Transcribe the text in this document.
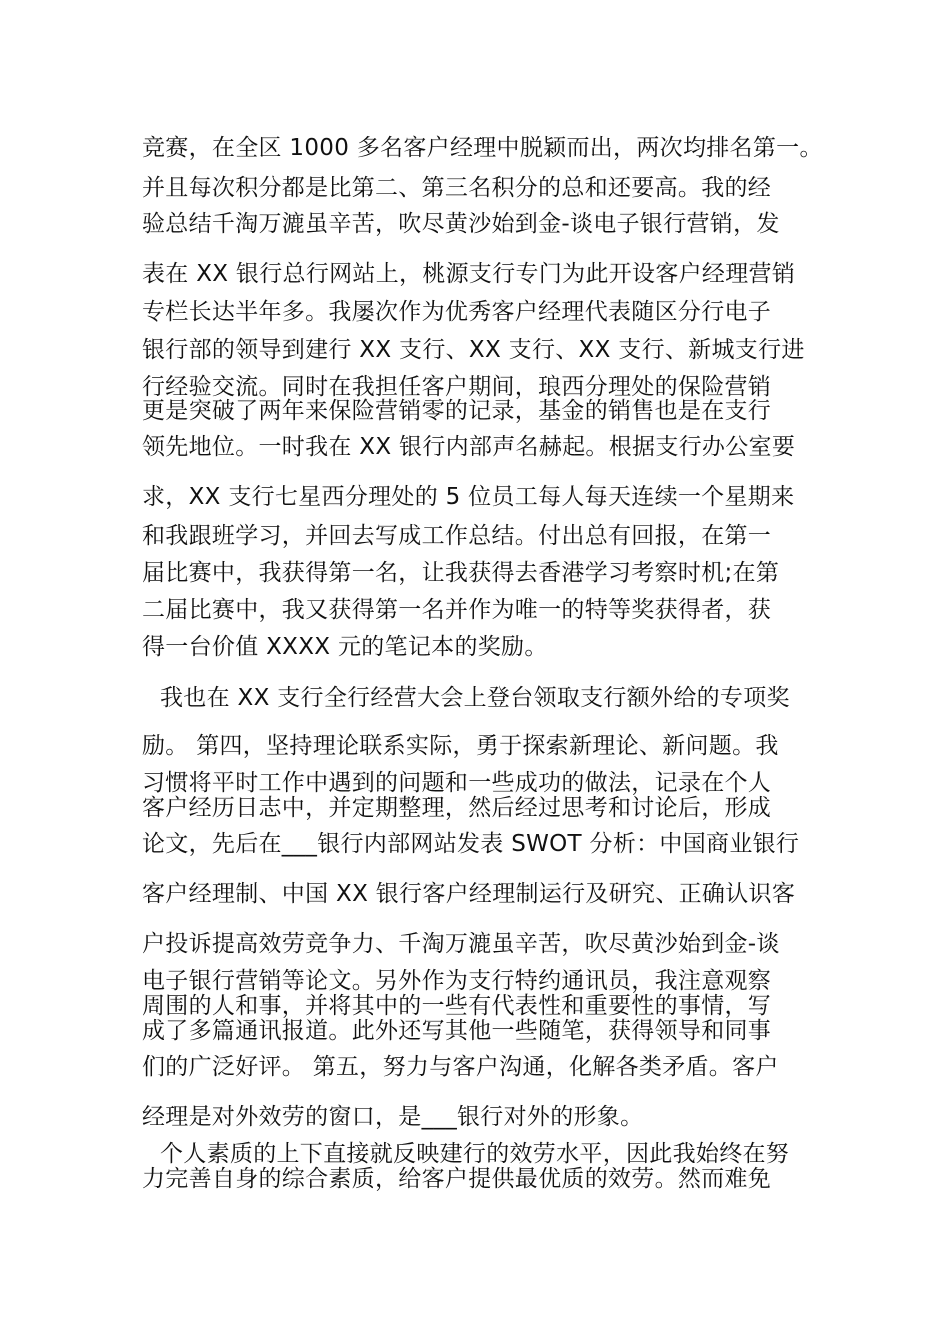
竞赛，在全区 1000 多名客户经理中脱颖而出，两次均排名第一。
并且每次积分都是比第二、第三名积分的总和还要高。我的经
验总结千淘万漉虽辛苦，吹尽黄沙始到金-谈电子银行营销，发
表在 XX 银行总行网站上，桃源支行专门为此开设客户经理营销
专栏长达半年多。我屡次作为优秀客户经理代表随区分行电子
银行部的领导到建行 XX 支行、XX 支行、XX 支行、新城支行进
行经验交流。同时在我担任客户期间，琅西分理处的保险营销
更是突破了两年来保险营销零的记录，基金的销售也是在支行
领先地位。一时我在 XX 银行内部声名赫起。根据支行办公室要
求，XX 支行七星西分理处的 5 位员工每人每天连续一个星期来
和我跟班学习，并回去写成工作总结。付出总有回报，在第一
届比赛中，我获得第一名，让我获得去香港学习考察时机;在第
二届比赛中，我又获得第一名并作为唯一的特等奖获得者，获
得一台价值 XXXX 元的笔记本的奖励。
我也在 XX 支行全行经营大会上登台领取支行额外给的专项奖
励。 第四，坚持理论联系实际，勇于探索新理论、新问题。我
习惯将平时工作中遇到的问题和一些成功的做法，记录在个人
客户经历日志中，并定期整理，然后经过思考和讨论后，形成
论文，先后在___银行内部网站发表 SWOT 分析：中国商业银行
客户经理制、中国 XX 银行客户经理制运行及研究、正确认识客
户投诉提高效劳竞争力、千淘万漉虽辛苦，吹尽黄沙始到金-谈
电子银行营销等论文。另外作为支行特约通讯员，我注意观察
周围的人和事，并将其中的一些有代表性和重要性的事情，写
成了多篇通讯报道。此外还写其他一些随笔，获得领导和同事
们的广泛好评。 第五，努力与客户沟通，化解各类矛盾。客户
经理是对外效劳的窗口，是___银行对外的形象。
个人素质的上下直接就反映建行的效劳水平，因此我始终在努
力完善自身的综合素质，给客户提供最优质的效劳。然而难免
